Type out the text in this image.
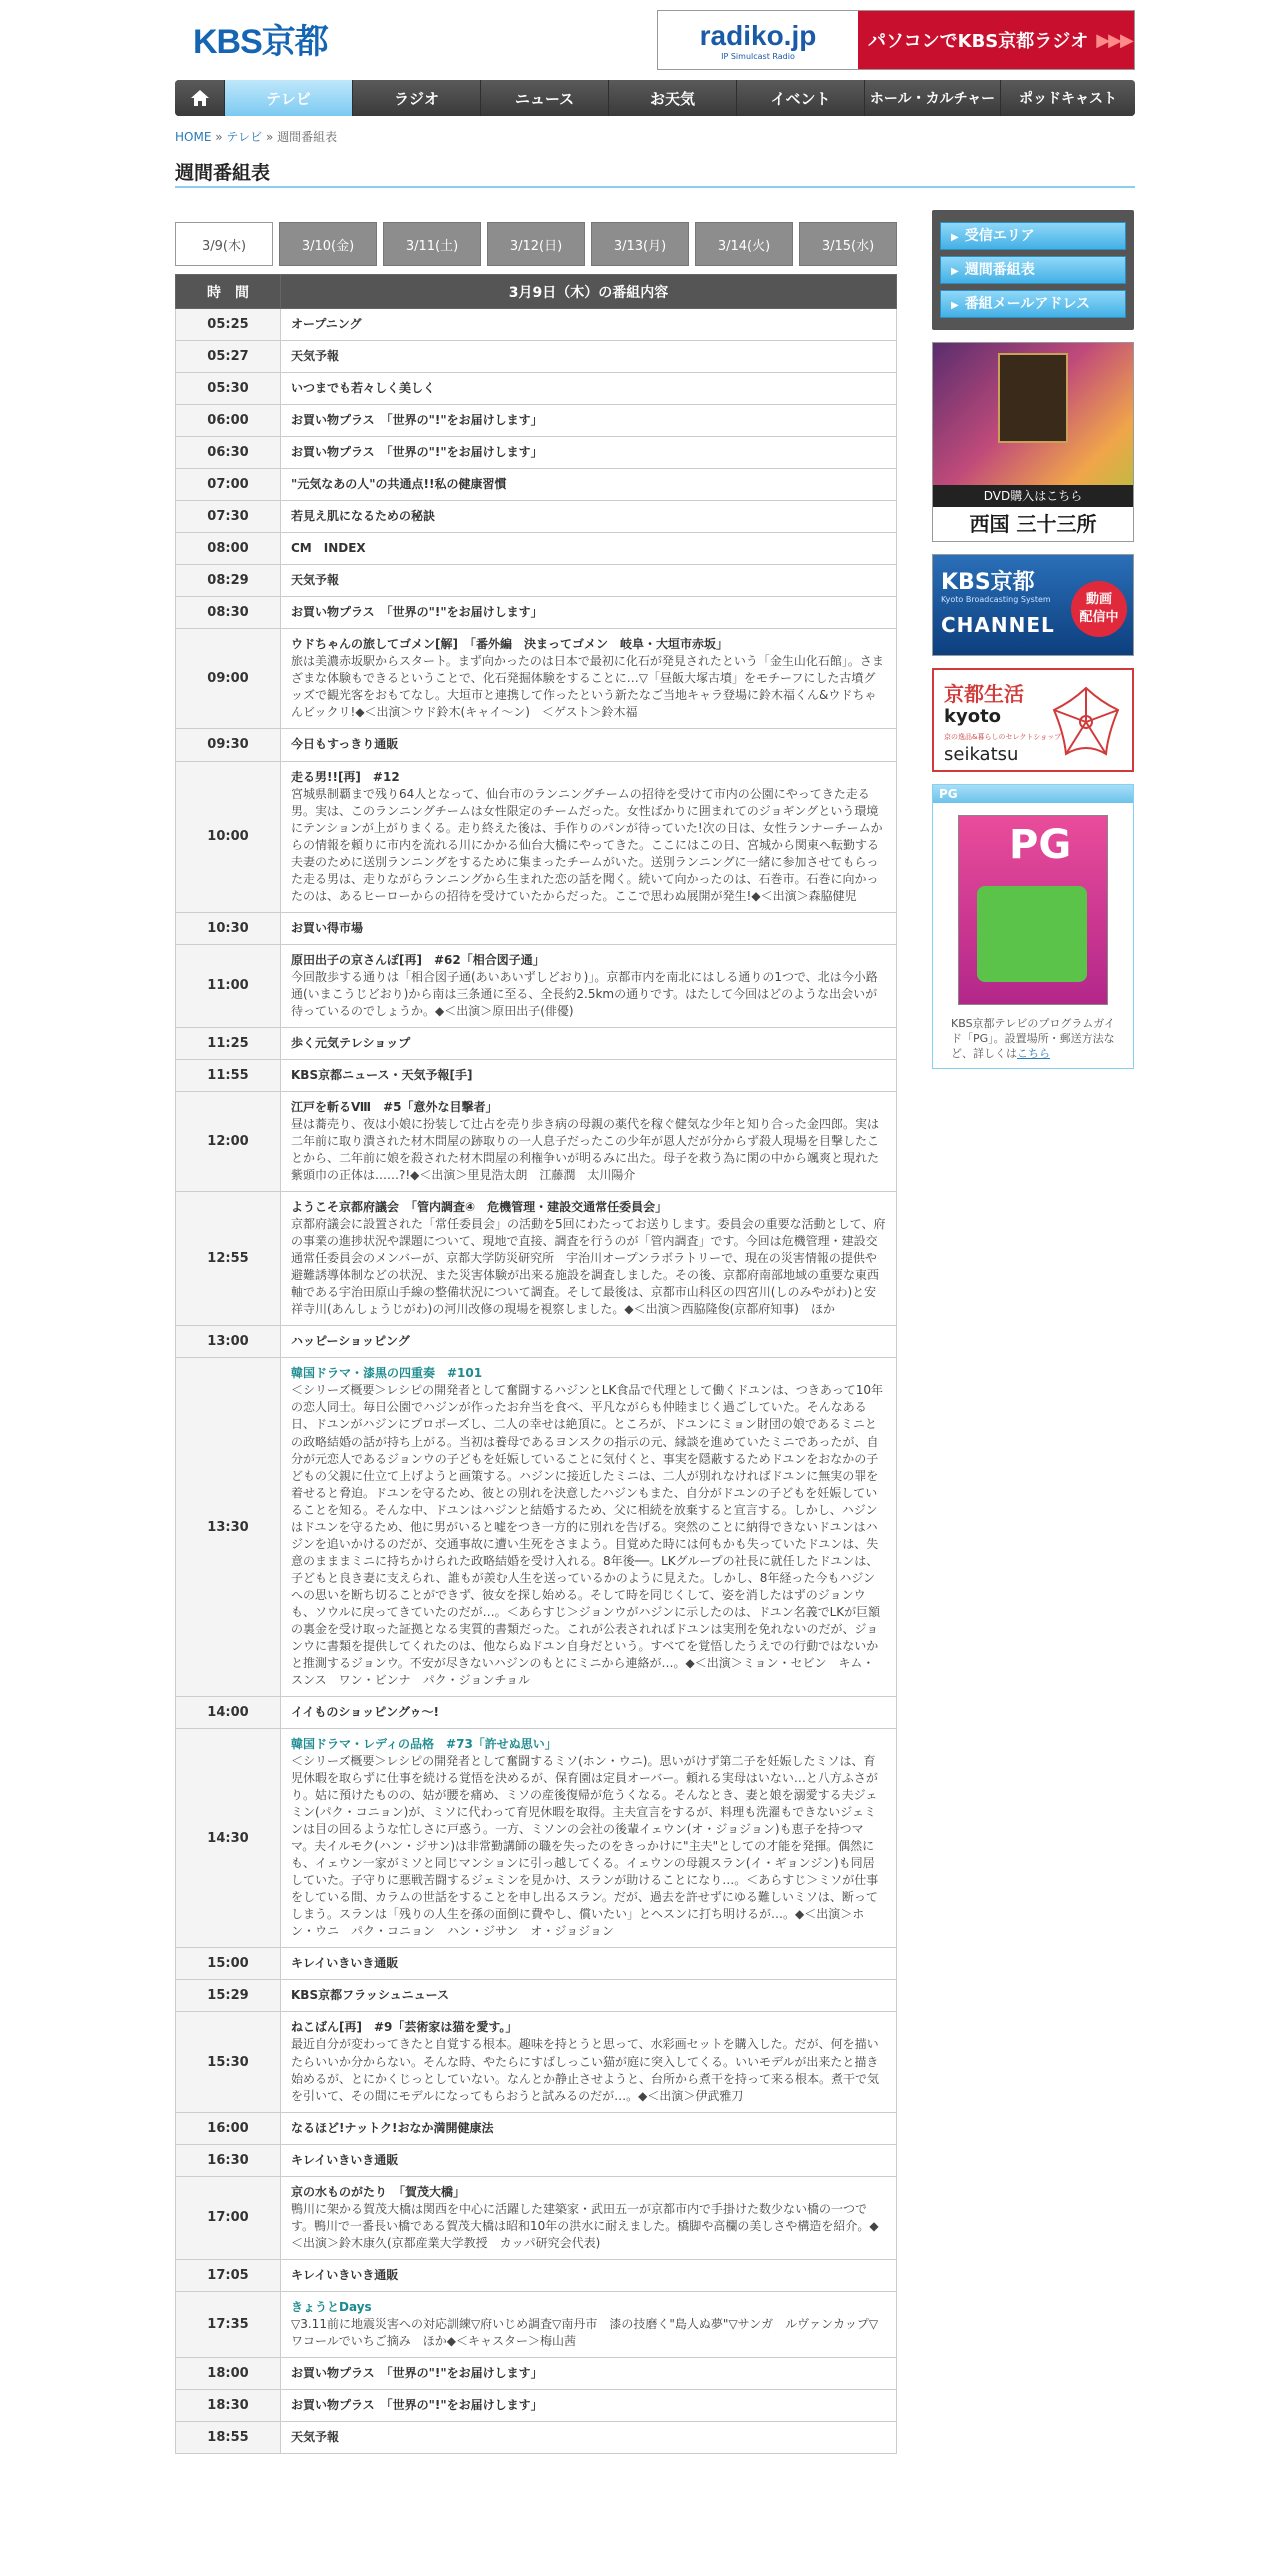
KBS京都	radiko.jp
IP Simulcast Radio
パソコンでKBS京都ラジオ ▶▶▶
テレビ	ラジオ	ニュース	お天気	イベント	ホール・カルチャー	ポッドキャスト
HOME » テレビ » 週間番組表
週間番組表
3/9(木)	3/10(金)	3/11(土)	3/12(日)	3/13(月)	3/14(火)	3/15(水)
時　間	3月9日（木）の番組内容
05:25	オープニング

05:27	天気予報

05:30	いつまでも若々しく美しく

06:00	お買い物プラス　「世界の"!"をお届けします」

06:30	お買い物プラス　「世界の"!"をお届けします」

07:00	"元気なあの人"の共通点!!私の健康習慣

07:30	若見え肌になるための秘訣

08:00	CM　INDEX

08:29	天気予報

08:30	お買い物プラス　「世界の"!"をお届けします」

09:00	ウドちゃんの旅してゴメン[解]　「番外編　決まってゴメン　岐阜・大垣市赤坂」
旅は美濃赤坂駅からスタート。まず向かったのは日本で最初に化石が発見されたという「金生山化石館」。さまざまな体験もできるということで、化石発掘体験をすることに…▽「昼飯大塚古墳」をモチーフにした古墳グッズで観光客をおもてなし。大垣市と連携して作ったという新たなご当地キャラ登場に鈴木福くん&ウドちゃんビックリ!◆＜出演＞ウド鈴木(キャイ～ン)　＜ゲスト＞鈴木福

09:30	今日もすっきり通販

10:00	走る男!![再]　#12
宮城県制覇まで残り64人となって、仙台市のランニングチームの招待を受けて市内の公園にやってきた走る男。実は、このランニングチームは女性限定のチームだった。女性ばかりに囲まれてのジョギングという環境にテンションが上がりまくる。走り終えた後は、手作りのパンが待っていた!次の日は、女性ランナーチームからの情報を頼りに市内を流れる川にかかる仙台大橋にやってきた。ここにはこの日、宮城から関東へ転勤する夫妻のために送別ランニングをするために集まったチームがいた。送別ランニングに一緒に参加させてもらった走る男は、走りながらランニングから生まれた恋の話を聞く。続いて向かったのは、石巻市。石巻に向かったのは、あるヒーローからの招待を受けていたからだった。ここで思わぬ展開が発生!◆＜出演＞森脇健児

10:30	お買い得市場

11:00	原田出子の京さんぽ[再]　#62「相合図子通」
今回散歩する通りは「相合図子通(あいあいずしどおり)」。京都市内を南北にはしる通りの1つで、北は今小路通(いまこうじどおり)から南は三条通に至る、全長約2.5kmの通りです。はたして今回はどのような出会いが待っているのでしょうか。◆＜出演＞原田出子(俳優)

11:25	歩く元気テレショップ

11:55	KBS京都ニュース・天気予報[手]

12:00	江戸を斬るⅧ　#5「意外な目撃者」
昼は蕎売り、夜は小娘に扮装して辻占を売り歩き病の母親の薬代を稼ぐ健気な少年と知り合った金四郎。実は二年前に取り潰された材木問屋の跡取りの一人息子だったこの少年が恩人だが分からず殺人現場を目撃したことから、二年前に娘を殺された材木問屋の利権争いが明るみに出た。母子を救う為に閑の中から颯爽と現れた紫頭巾の正体は……?!◆＜出演＞里見浩太朗　江藤潤　太川陽介

12:55	ようこそ京都府議会　「管内調査④　危機管理・建設交通常任委員会」
京都府議会に設置された「常任委員会」の活動を5回にわたってお送りします。委員会の重要な活動として、府の事業の進捗状況や課題について、現地で直接、調査を行うのが「管内調査」です。今回は危機管理・建設交通常任委員会のメンバーが、京都大学防災研究所　宇治川オープンラボラトリーで、現在の災害情報の提供や避難誘導体制などの状況、また災害体験が出来る施設を調査しました。その後、京都府南部地域の重要な東西軸である宇治田原山手線の整備状況について調査。そして最後は、京都市山科区の四宮川(しのみやがわ)と安祥寺川(あんしょうじがわ)の河川改修の現場を視察しました。◆＜出演＞西脇隆俊(京都府知事)　ほか

13:00	ハッピーショッピング

13:30	韓国ドラマ・漆黒の四重奏　#101
＜シリーズ概要＞レシピの開発者として奮闘するハジンとLK食品で代理として働くドユンは、つきあって10年の恋人同士。毎日公園でハジンが作ったお弁当を食べ、平凡ながらも仲睦まじく過ごしていた。そんなある日、ドユンがハジンにプロポーズし、二人の幸せは絶頂に。ところが、ドユンにミョン財団の娘であるミニとの政略結婚の話が持ち上がる。当初は養母であるヨンスクの指示の元、縁談を進めていたミニであったが、自分が元恋人であるジョンウの子どもを妊娠していることに気付くと、事実を隠蔽するためドユンをおなかの子どもの父親に仕立て上げようと画策する。ハジンに接近したミニは、二人が別れなければドユンに無実の罪を着せると脅迫。ドユンを守るため、彼との別れを決意したハジンもまた、自分がドユンの子どもを妊娠していることを知る。そんな中、ドユンはハジンと結婚するため、父に相続を放棄すると宣言する。しかし、ハジンはドユンを守るため、他に男がいると嘘をつき一方的に別れを告げる。突然のことに納得できないドユンはハジンを追いかけるのだが、交通事故に遭い生死をさまよう。目覚めた時には何もかも失っていたドユンは、失意のまままミニに持ちかけられた政略結婚を受け入れる。8年後──。LKグループの社長に就任したドユンは、子どもと良き妻に支えられ、誰もが羨む人生を送っているかのように見えた。しかし、8年経った今もハジンへの思いを断ち切ることができず、彼女を探し始める。そして時を同じくして、姿を消したはずのジョンウも、ソウルに戻ってきていたのだが…。＜あらすじ＞ジョンウがハジンに示したのは、ドユン名義でLKが巨額の裏金を受け取った証拠となる実質的書類だった。これが公表されればドユンは実刑を免れないのだが、ジョンウに書類を提供してくれたのは、他ならぬドユン自身だという。すべてを覚悟したうえでの行動ではないかと推測するジョンウ。不安が尽きないハジンのもとにミニから連絡が…。◆＜出演＞ミョン・セビン　キム・スンス　ワン・ビンナ　パク・ジョンチョル

14:00	イイものショッピングゥ～!

14:30	韓国ドラマ・レディの品格　#73「許せぬ思い」
＜シリーズ概要＞レシピの開発者として奮闘するミソ(ホン・ウニ)。思いがけず第二子を妊娠したミソは、育児休暇を取らずに仕事を続ける覚悟を決めるが、保育園は定員オーバー。頼れる実母はいない…と八方ふさがり。姑に預けたものの、姑が腰を痛め、ミソの産後復帰が危うくなる。そんなとき、妻と娘を溺愛する夫ジェミン(パク・コニョン)が、ミソに代わって育児休暇を取得。主夫宣言をするが、料理も洗濯もできないジェミンは目の回るような忙しさに戸惑う。一方、ミソンの会社の後輩イェウン(オ・ジョジョン)も恵子を持つママ。夫イルモク(ハン・ジサン)は非常勤講師の職を失ったのをきっかけに"主夫"としての才能を発揮。偶然にも、イェウン一家がミソと同じマンションに引っ越してくる。イェウンの母親スラン(イ・ギョンジン)も同居していた。子守りに悪戦苦闘するジェミンを見かけ、スランが助けることになり…。＜あらすじ＞ミソが仕事をしている間、カラムの世話をすることを申し出るスラン。だが、過去を許せずにゆる難しいミソは、断ってしまう。スランは「残りの人生を孫の面倒に費やし、償いたい」とヘスンに打ち明けるが…。◆＜出演＞ホン・ウニ　パク・コニョン　ハン・ジサン　オ・ジョジョン

15:00	キレイいきいき通販

15:29	KBS京都フラッシュニュース

15:30	ねこばん[再]　#9「芸術家は猫を愛す。」
最近自分が変わってきたと自覚する根本。趣味を持とうと思って、水彩画セットを購入した。だが、何を描いたらいいか分からない。そんな時、やたらにすばしっこい猫が庭に突入してくる。いいモデルが出来たと描き始めるが、とにかくじっとしていない。なんとか静止させようと、台所から煮干を持って来る根本。煮干で気を引いて、その間にモデルになってもらおうと試みるのだが…。◆＜出演＞伊武雅刀

16:00	なるほど!ナットク!おなか満開健康法

16:30	キレイいきいき通販

17:00	京の水ものがたり　「賀茂大橋」
鴨川に架かる賀茂大橋は関西を中心に活躍した建築家・武田五一が京都市内で手掛けた数少ない橋の一つです。鴨川で一番長い橋である賀茂大橋は昭和10年の洪水に耐えました。橋脚や高欄の美しさや構造を紹介。◆＜出演＞鈴木康久(京都産業大学教授　カッパ研究会代表)

17:05	キレイいきいき通販

17:35	きょうとDays
▽3.11前に地震災害への対応訓練▽府いじめ調査▽南丹市　漆の技磨く"島人ぬ夢"▽サンガ　ルヴァンカップ▽ワコールでいちご摘み　ほか◆＜キャスター＞梅山茜

18:00	お買い物プラス　「世界の"!"をお届けします」

18:30	お買い物プラス　「世界の"!"をお届けします」

18:55	天気予報
▶ 受信エリア
▶ 週間番組表
▶ 番組メールアドレス
DVD購入はこちら
西国 三十三所
KBS京都
Kyoto Broadcasting System
CHANNEL
動画
配信中
京都生活
kyoto
京の逸品&暮らしのセレクトショップ
seikatsu
PG
PG
KBS京都テレビのプログラムガイド「PG」。設置場所・郵送方法など、詳しくはこちら
